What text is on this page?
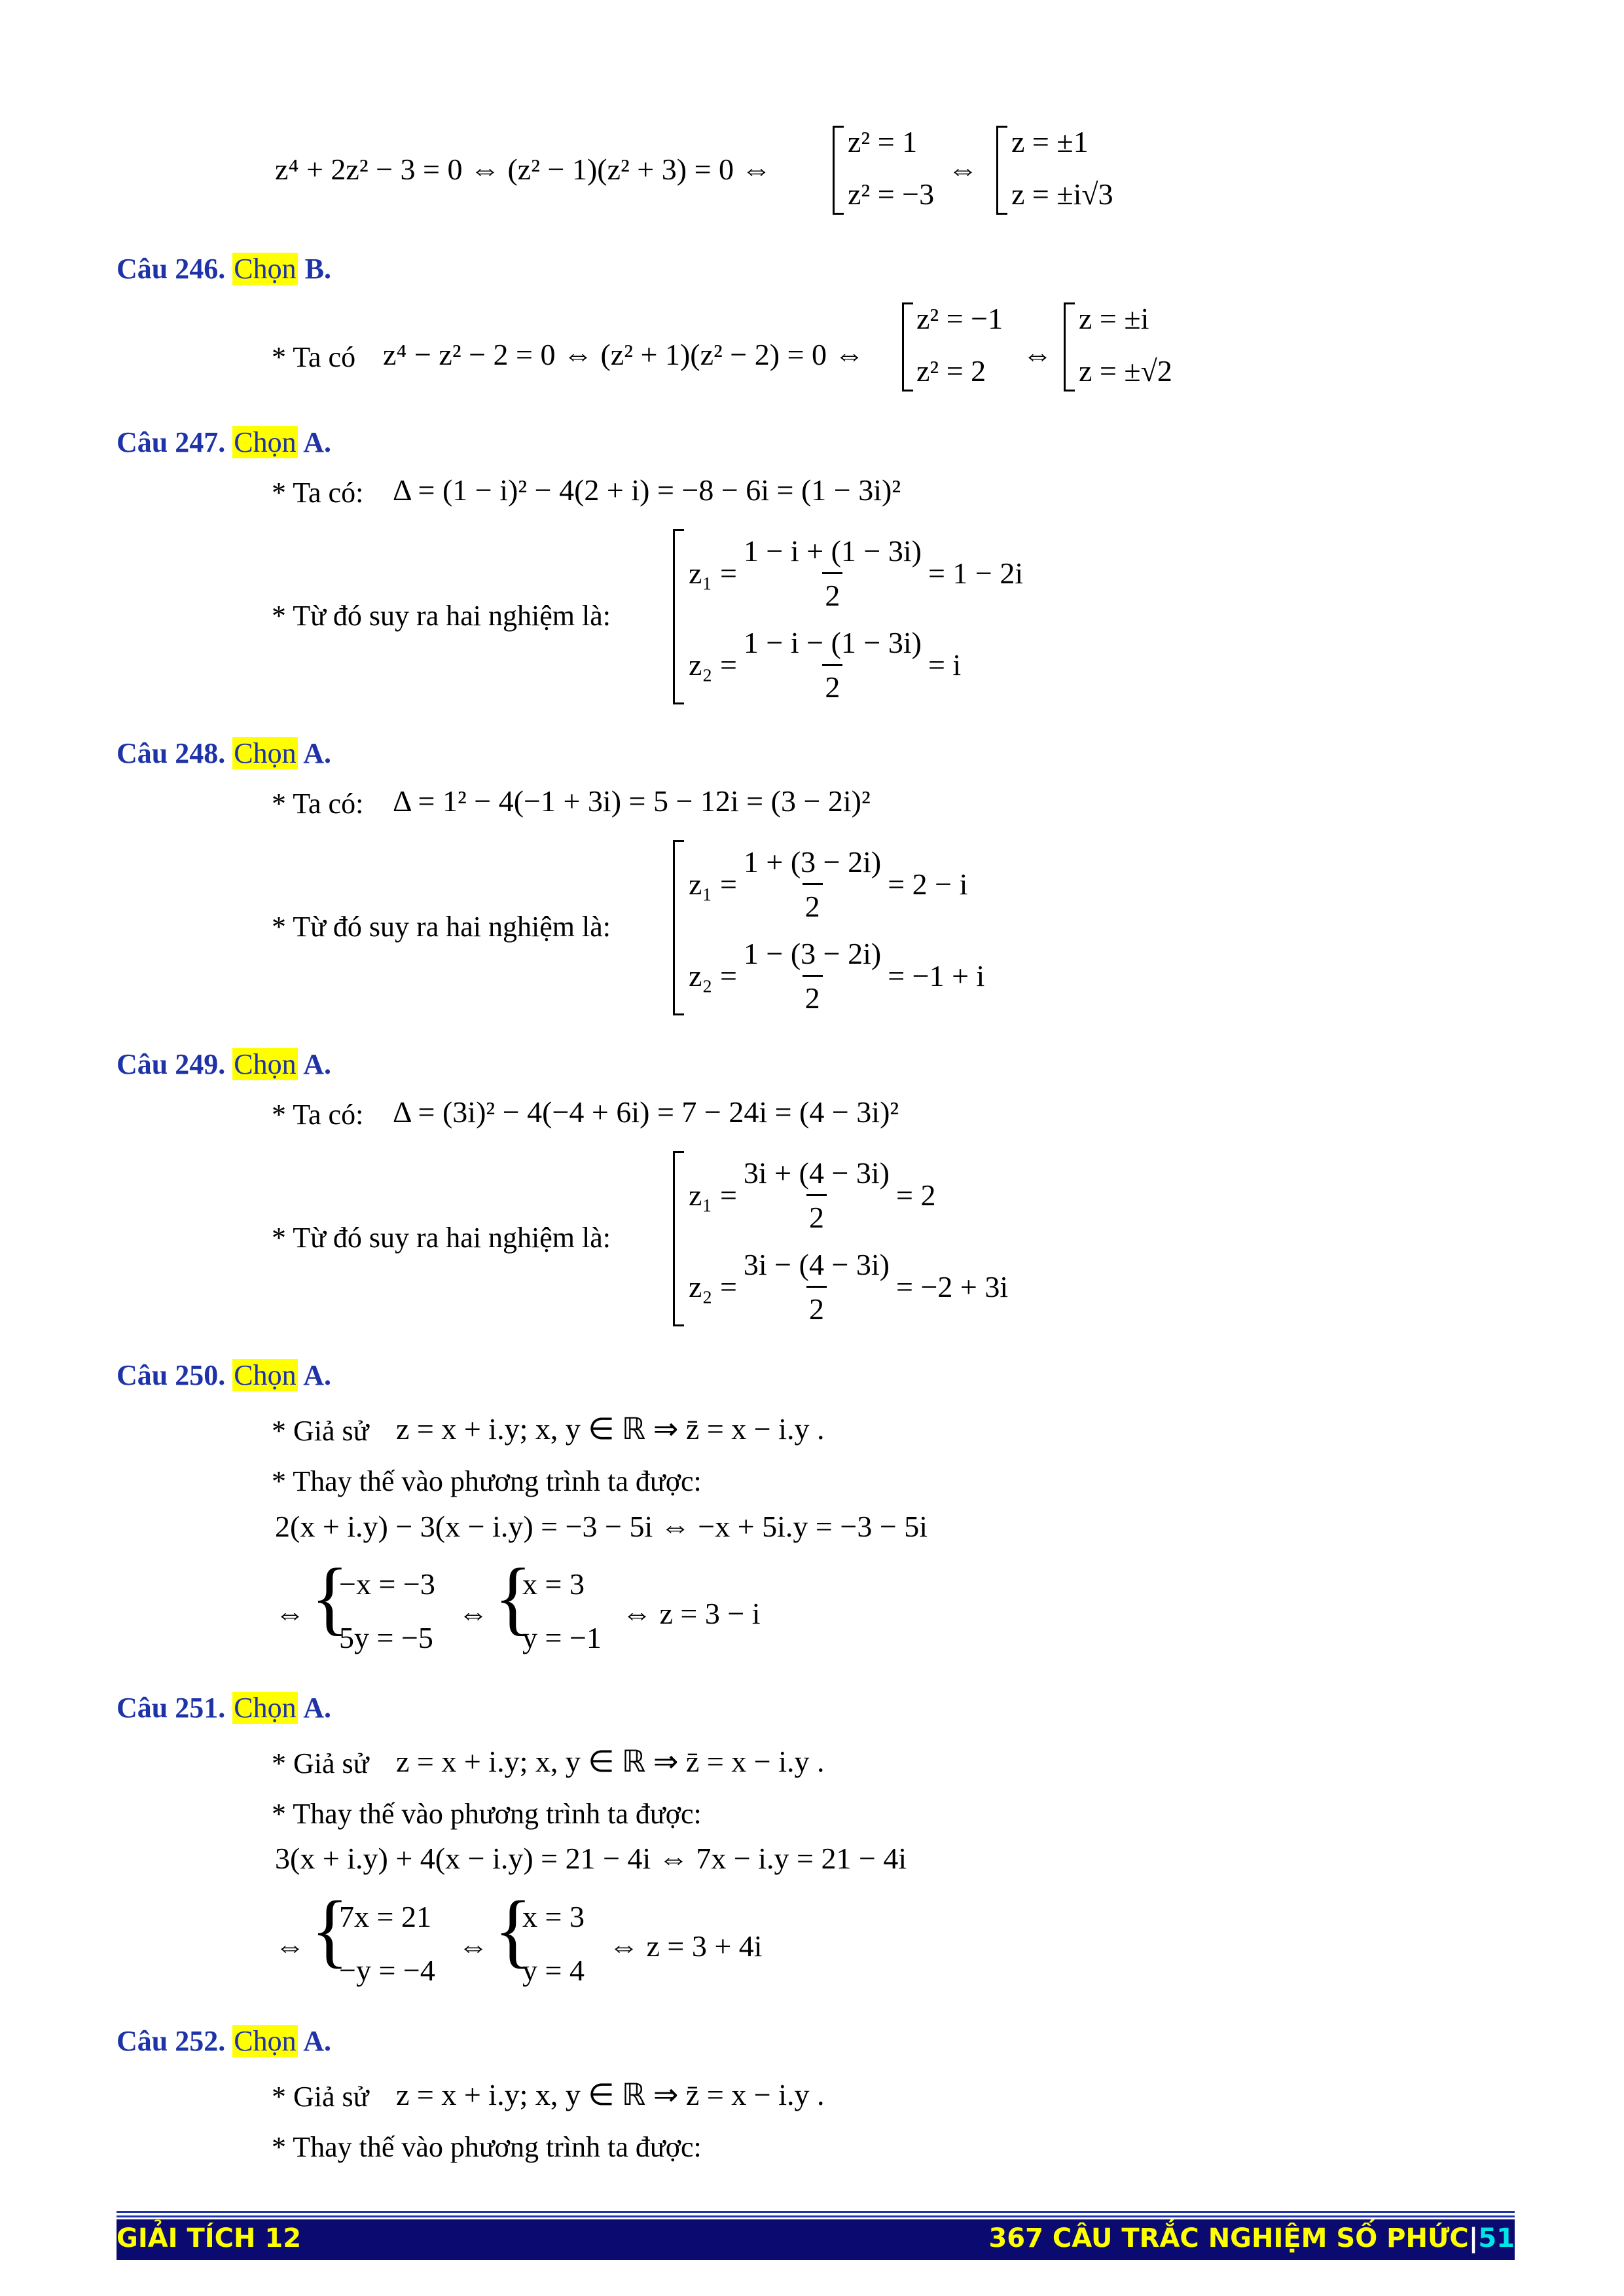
z⁴ + 2z² − 3 = 0 ⇔ (z² − 1)(z² + 3) = 0 ⇔
z² = 1
z² = −3
⇔
z = ±1
z = ±i√3
Câu 246. Chọn B.
* Ta có z⁴ − z² − 2 = 0 ⇔ (z² + 1)(z² − 2) = 0 ⇔
z² = −1
z² = 2 ⇔
z = ±i
z = ±√2
Câu 247. Chọn A.
* Ta có: Δ = (1 − i)² − 4(2 + i) = −8 − 6i = (1 − 3i)²
* Từ đó suy ra hai nghiệm là:
$z_1 = \frac{1 - i + (1 - 3i)}{2} = 1 - 2i$
$z_2 = \frac{1 - i - (1 - 3i)}{2} = i$
Câu 248. Chọn A.
* Ta có: Δ = 1² − 4(−1 + 3i) = 5 − 12i = (3 − 2i)²
* Từ đó suy ra hai nghiệm là:
$z_1 = \frac{1 + (3 - 2i)}{2} = 2 - i$
$z_2 = \frac{1 - (3 - 2i)}{2} = -1 + i$
Câu 249. Chọn A.
* Ta có: Δ = (3i)² − 4(−4 + 6i) = 7 − 24i = (4 − 3i)²
* Từ đó suy ra hai nghiệm là:
$z_1 = \frac{3i + (4 - 3i)}{2} = 2$
$z_2 = \frac{3i - (4 - 3i)}{2} = -2 + 3i$
Câu 250. Chọn A.
* Giả sử z = x + i.y; x, y ∈ ℝ ⇒ z̄ = x − i.y .
* Thay thế vào phương trình ta được:
2(x + i.y) − 3(x − i.y) = −3 − 5i ⇔ −x + 5i.y = −3 − 5i
⇔ {
−x = −3
5y = −5
⇔ {
x = 3
y = −1
⇔ z = 3 − i
Câu 251. Chọn A.
* Giả sử z = x + i.y; x, y ∈ ℝ ⇒ z̄ = x − i.y .
* Thay thế vào phương trình ta được:
3(x + i.y) + 4(x − i.y) = 21 − 4i ⇔ 7x − i.y = 21 − 4i
⇔ {
7x = 21
−y = −4
⇔ {
x = 3
y = 4
⇔ z = 3 + 4i
Câu 252. Chọn A.
* Giả sử z = x + i.y; x, y ∈ ℝ ⇒ z̄ = x − i.y .
* Thay thế vào phương trình ta được:
GIẢI TÍCH 12	367 CÂU TRẮC NGHIỆM SỐ PHỨC|51
